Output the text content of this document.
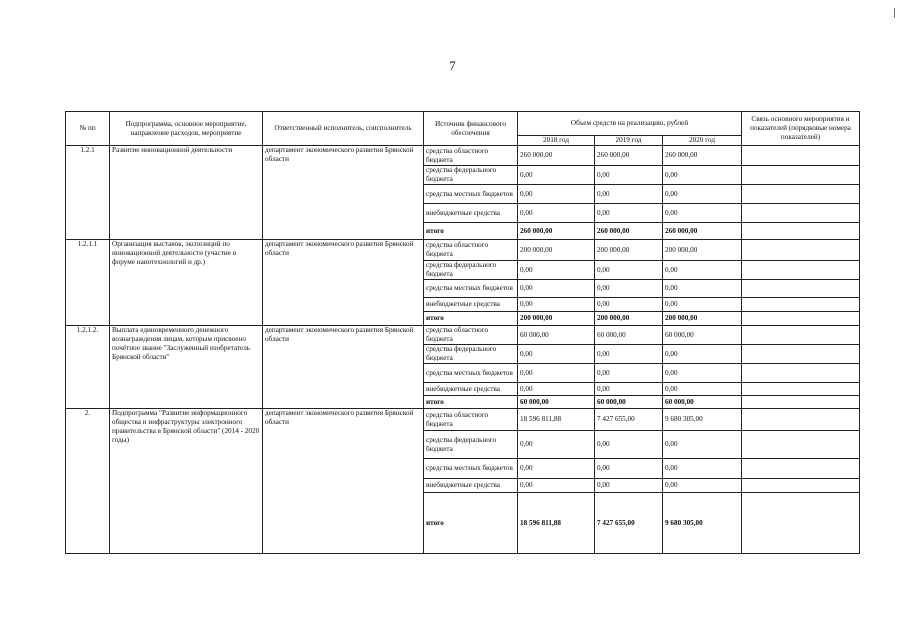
7
№ пп	Подпрограмма, основное мероприятие, направление расходов, мероприятие	Ответственный исполнитель, соисполнитель	Источник финансового обеспечения	Объем средств на реализацию, рублей			Связь основного мероприятия и показателей (порядковые номера показателей)
				2018 год	2019 год	2020 год	
1.2.1	Развитие инновационной деятельности	департамент экономического развития Брянской области	средства областного бюджета	260 000,00	260 000,00	260 000,00	
			средства федерального бюджета	0,00	0,00	0,00	
			средства местных бюджетов	0,00	0,00	0,00	
			внебюджетные средства	0,00	0,00	0,00	
			итого	260 000,00	260 000,00	260 000,00	
1.2.1.1	Организация выставок, экспозиций по инновационной деятельности (участие в форуме нанотехнологий и др.)	департамент экономического развития Брянской области	средства областного бюджета	200 000,00	200 000,00	200 000,00	
			средства федерального бюджета	0,00	0,00	0,00	
			средства местных бюджетов	0,00	0,00	0,00	
			внебюджетные средства	0,00	0,00	0,00	
			итого	200 000,00	200 000,00	200 000,00	
1.2.1.2.	Выплата единовременного денежного вознаграждения лицам, которым присвоено почётное звание "Заслуженный изобретатель Брянской области"	департамент экономического развития Брянской области	средства областного бюджета	60 000,00	60 000,00	60 000,00	
			средства федерального бюджета	0,00	0,00	0,00	
			средства местных бюджетов	0,00	0,00	0,00	
			внебюджетные средства	0,00	0,00	0,00	
			итого	60 000,00	60 000,00	60 000,00	
2.	Подпрограмма "Развитие информационного общества и инфраструктуры электронного правительства в Брянской области" (2014 - 2020 годы)	департамент экономического развития Брянской области	средства областного бюджета	18 596 811,88	7 427 655,00	9 680 305,00	
			средства федерального бюджета	0,00	0,00	0,00	
			средства местных бюджетов	0,00	0,00	0,00	
			внебюджетные средства	0,00	0,00	0,00	
			итого	18 596 811,88	7 427 655,00	9 680 305,00	
